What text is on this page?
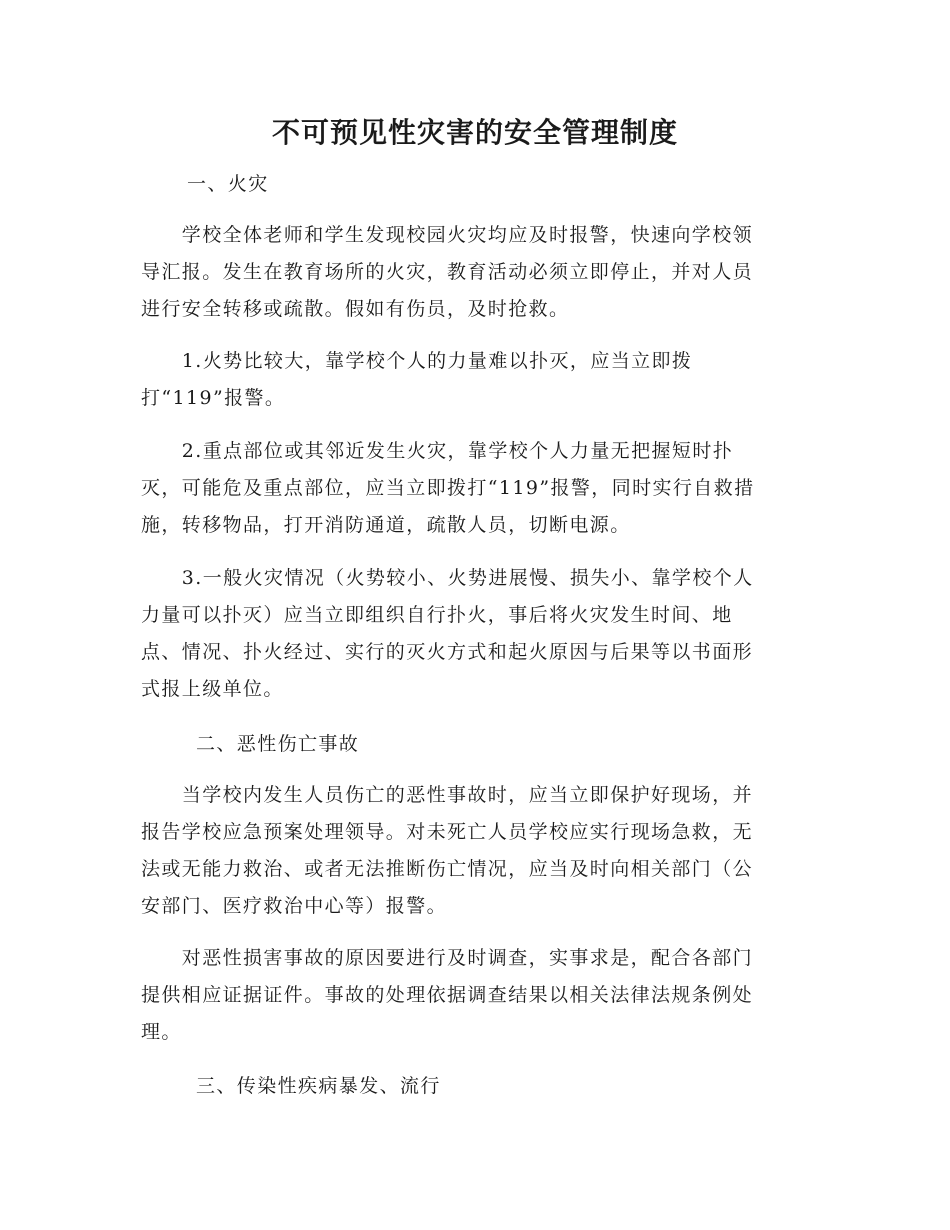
不可预见性灾害的安全管理制度
一、火灾
　　学校全体老师和学生发现校园火灾均应及时报警，快速向学校领
导汇报。发生在教育场所的火灾，教育活动必须立即停止，并对人员
进行安全转移或疏散。假如有伤员，及时抢救。
　　1.火势比较大，靠学校个人的力量难以扑灭，应当立即拨
打“119”报警。
　　2.重点部位或其邻近发生火灾，靠学校个人力量无把握短时扑
灭，可能危及重点部位，应当立即拨打“119”报警，同时实行自救措
施，转移物品，打开消防通道，疏散人员，切断电源。
　　3.一般火灾情况（火势较小、火势进展慢、损失小、靠学校个人
力量可以扑灭）应当立即组织自行扑火，事后将火灾发生时间、地
点、情况、扑火经过、实行的灭火方式和起火原因与后果等以书面形
式报上级单位。
二、恶性伤亡事故
　　当学校内发生人员伤亡的恶性事故时，应当立即保护好现场，并
报告学校应急预案处理领导。对未死亡人员学校应实行现场急救，无
法或无能力救治、或者无法推断伤亡情况，应当及时向相关部门（公
安部门、医疗救治中心等）报警。
　　对恶性损害事故的原因要进行及时调查，实事求是，配合各部门
提供相应证据证件。事故的处理依据调查结果以相关法律法规条例处
理。
三、传染性疾病暴发、流行
